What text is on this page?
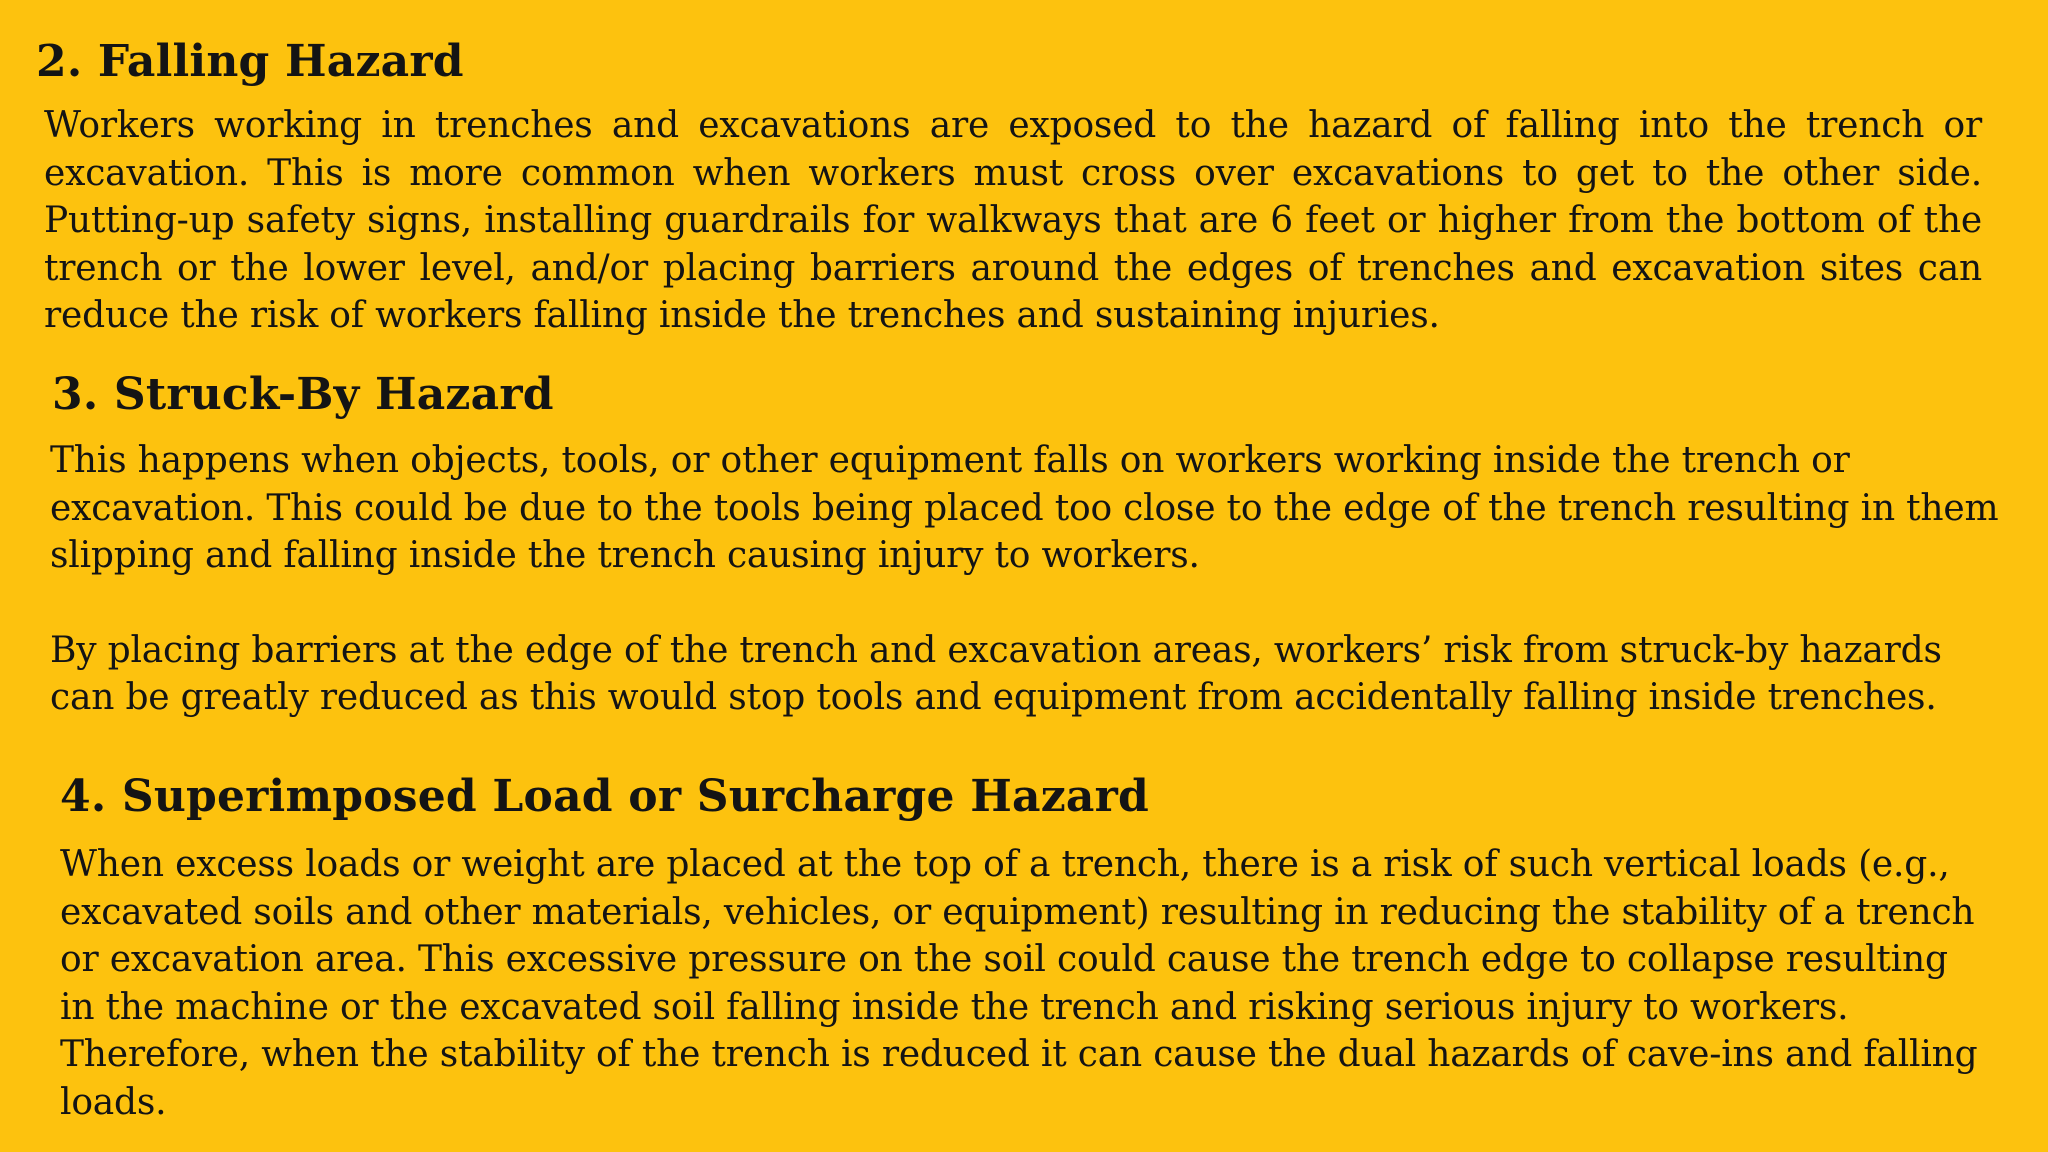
2. Falling Hazard

Workers working in trenches and excavations are exposed to the hazard of falling into the trench or excavation. This is more common when workers must cross over excavations to get to the other side. Putting-up safety signs, installing guardrails for walkways that are 6 feet or higher from the bottom of the trench or the lower level, and/or placing barriers around the edges of trenches and excavation sites can reduce the risk of workers falling inside the trenches and sustaining injuries.

3. Struck-By Hazard

This happens when objects, tools, or other equipment falls on workers working inside the trench or excavation. This could be due to the tools being placed too close to the edge of the trench resulting in them slipping and falling inside the trench causing injury to workers.

By placing barriers at the edge of the trench and excavation areas, workers’ risk from struck-by hazards can be greatly reduced as this would stop tools and equipment from accidentally falling inside trenches.

4. Superimposed Load or Surcharge Hazard

When excess loads or weight are placed at the top of a trench, there is a risk of such vertical loads (e.g., excavated soils and other materials, vehicles, or equipment) resulting in reducing the stability of a trench or excavation area. This excessive pressure on the soil could cause the trench edge to collapse resulting in the machine or the excavated soil falling inside the trench and risking serious injury to workers. Therefore, when the stability of the trench is reduced it can cause the dual hazards of cave-ins and falling loads.
